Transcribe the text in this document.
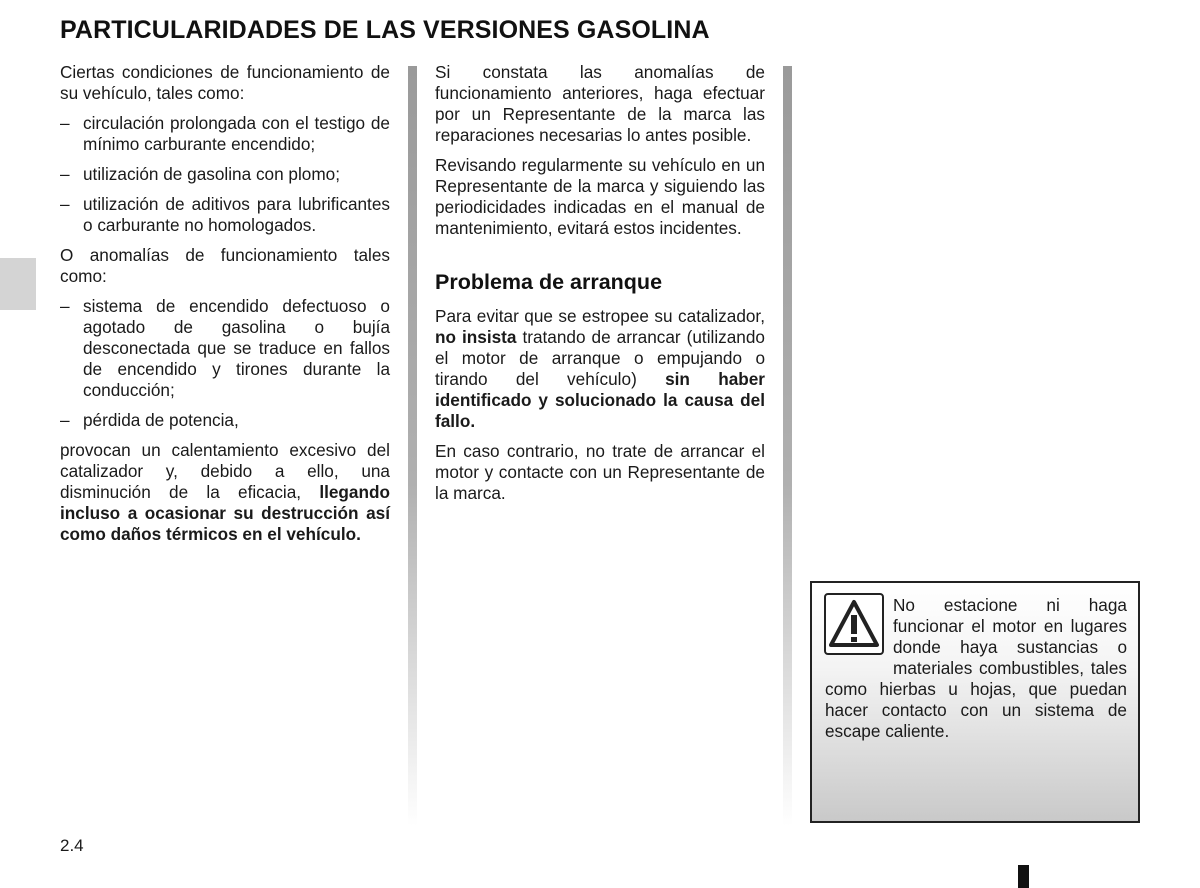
PARTICULARIDADES DE LAS VERSIONES GASOLINA

Ciertas condiciones de funcionamiento de su vehículo, tales como:

– circulación prolongada con el testigo de mínimo carburante encendido;
– utilización de gasolina con plomo;
– utilización de aditivos para lubrificantes o carburante no homologados.

O anomalías de funcionamiento tales como:

– sistema de encendido defectuoso o agotado de gasolina o bujía desconectada que se traduce en fallos de encendido y tirones durante la conducción;
– pérdida de potencia,

provocan un calentamiento excesivo del catalizador y, debido a ello, una disminución de la eficacia, llegando incluso a ocasionar su destrucción así como daños térmicos en el vehículo.

Si constata las anomalías de funcionamiento anteriores, haga efectuar por un Representante de la marca las reparaciones necesarias lo antes posible.

Revisando regularmente su vehículo en un Representante de la marca y siguiendo las periodicidades indicadas en el manual de mantenimiento, evitará estos incidentes.

Problema de arranque

Para evitar que se estropee su catalizador, no insista tratando de arrancar (utilizando el motor de arranque o empujando o tirando del vehículo) sin haber identificado y solucionado la causa del fallo.

En caso contrario, no trate de arrancar el motor y contacte con un Representante de la marca.

No estacione ni haga funcionar el motor en lugares donde haya sustancias o materiales combustibles, tales como hierbas u hojas, que puedan hacer contacto con un sistema de escape caliente.
2.4
